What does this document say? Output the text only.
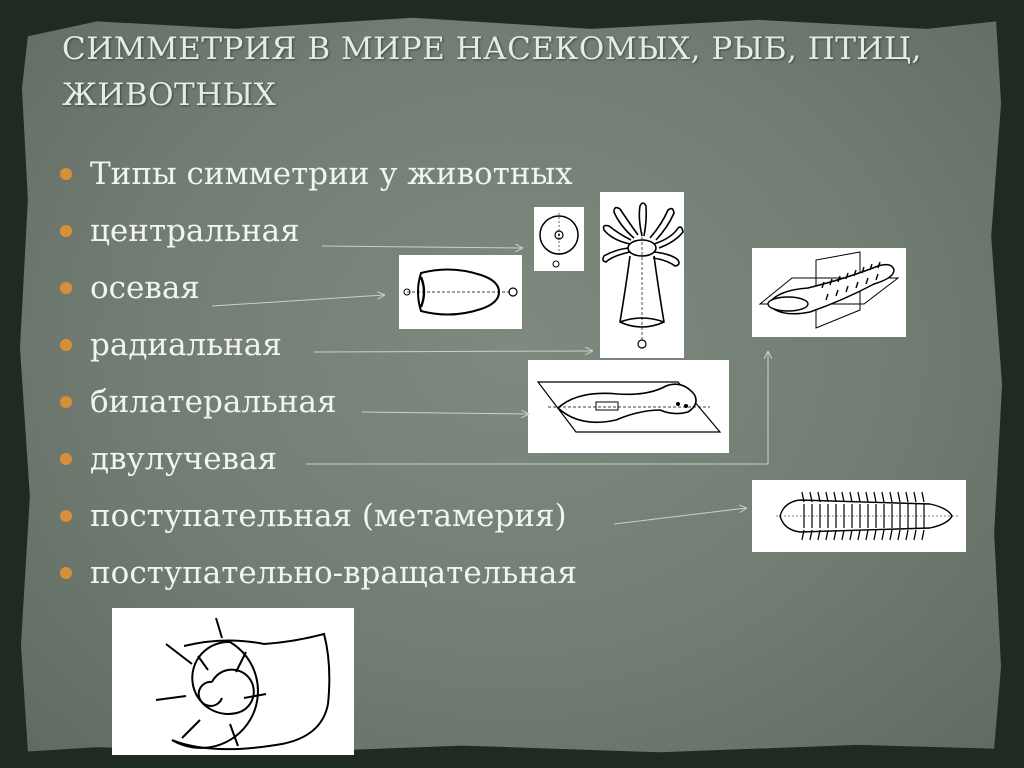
СИММЕТРИЯ В МИРЕ НАСЕКОМЫХ, РЫБ, ПТИЦ, ЖИВОТНЫХ
Типы симметрии у животных
центральная
осевая
радиальная
билатеральная
двулучевая
поступательная (метамерия)
поступательно-вращательная
